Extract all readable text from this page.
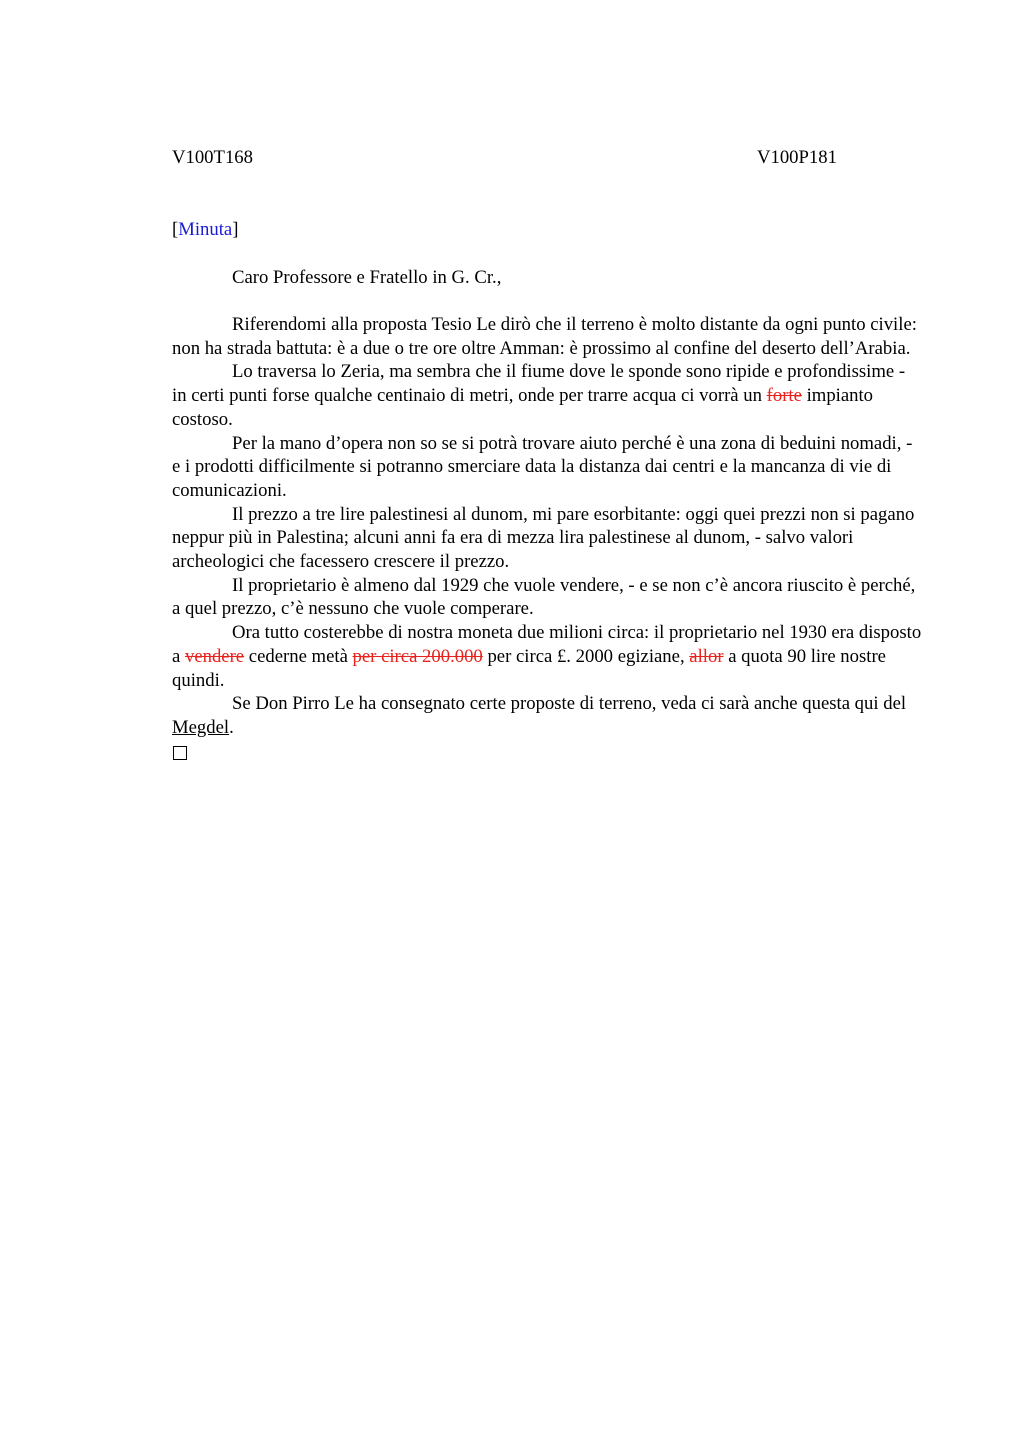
V100T168	V100P181
[Minuta]
Caro Professore e Fratello in G. Cr.,

Riferendomi alla proposta Tesio Le dirò che il terreno è molto distante da ogni punto civile: non ha strada battuta: è a due o tre ore oltre Amman: è prossimo al confine del deserto dell’Arabia.

Lo traversa lo Zeria, ma sembra che il fiume dove le sponde sono ripide e profondissime - in certi punti forse qualche centinaio di metri, onde per trarre acqua ci vorrà un forte impianto costoso.

Per la mano d’opera non so se si potrà trovare aiuto perché è una zona di beduini nomadi, - e i prodotti difficilmente si potranno smerciare data la distanza dai centri e la mancanza di vie di comunicazioni.

Il prezzo a tre lire palestinesi al dunom, mi pare esorbitante: oggi quei prezzi non si pagano neppur più in Palestina; alcuni anni fa era di mezza lira palestinese al dunom, - salvo valori archeologici che facessero crescere il prezzo.

Il proprietario è almeno dal 1929 che vuole vendere, - e se non c’è ancora riuscito è perché, a quel prezzo, c’è nessuno che vuole comperare.

Ora tutto costerebbe di nostra moneta due milioni circa: il proprietario nel 1930 era disposto a vendere cederne metà per circa 200.000 per circa £. 2000 egiziane, allor a quota 90 lire nostre quindi.

Se Don Pirro Le ha consegnato certe proposte di terreno, veda ci sarà anche questa qui del Megdel.
